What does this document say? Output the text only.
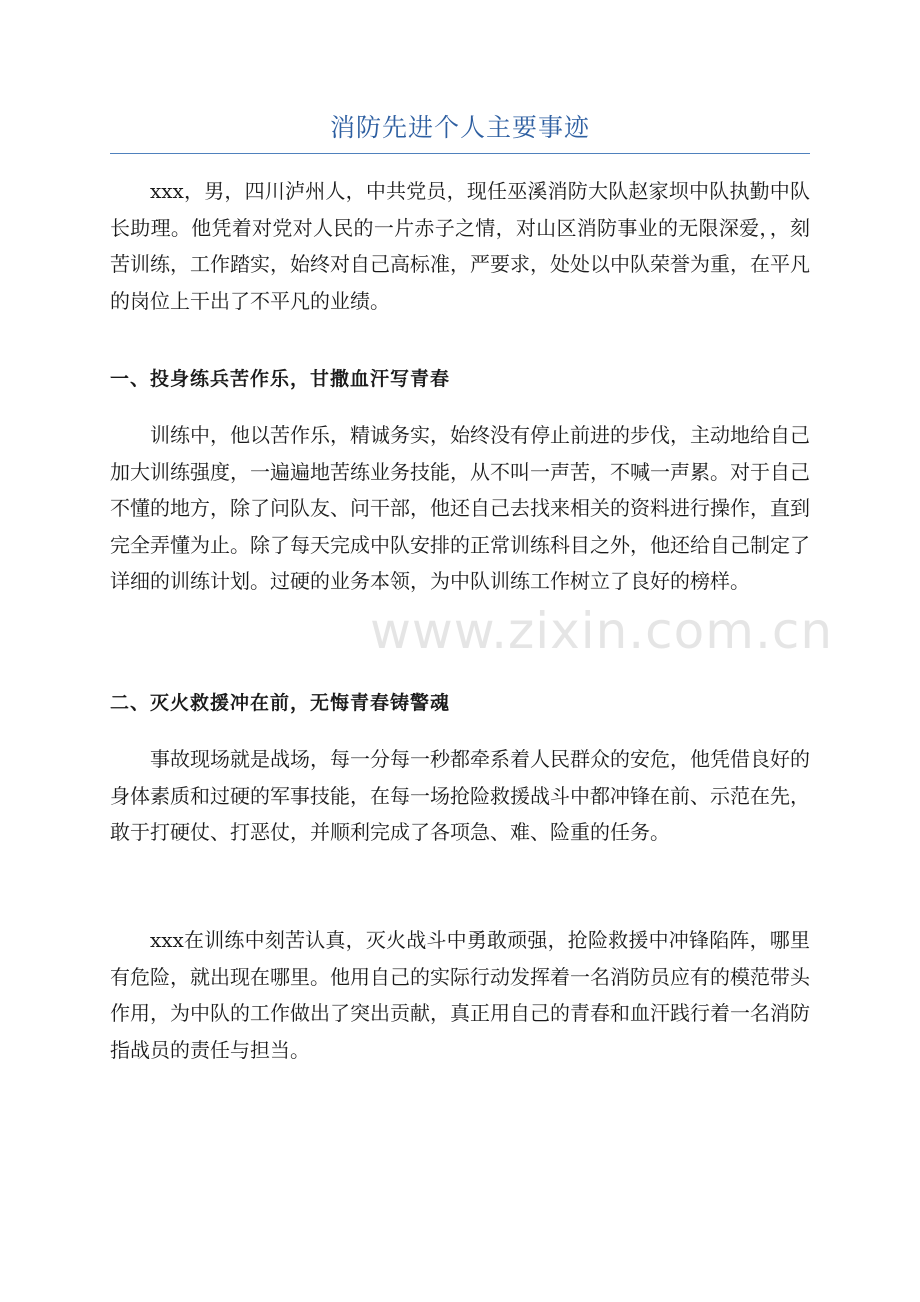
消防先进个人主要事迹

xxx，男，四川泸州人，中共党员，现任巫溪消防大队赵家坝中队执勤中队长助理。他凭着对党对人民的一片赤子之情，对山区消防事业的无限深爱，，刻苦训练，工作踏实，始终对自己高标准，严要求，处处以中队荣誉为重，在平凡的岗位上干出了不平凡的业绩。

一、投身练兵苦作乐，甘撒血汗写青春

训练中，他以苦作乐，精诚务实，始终没有停止前进的步伐，主动地给自己加大训练强度，一遍遍地苦练业务技能，从不叫一声苦，不喊一声累。对于自己不懂的地方，除了问队友、问干部，他还自己去找来相关的资料进行操作，直到完全弄懂为止。除了每天完成中队安排的正常训练科目之外，他还给自己制定了详细的训练计划。过硬的业务本领，为中队训练工作树立了良好的榜样。

二、灭火救援冲在前，无悔青春铸警魂

事故现场就是战场，每一分每一秒都牵系着人民群众的安危，他凭借良好的身体素质和过硬的军事技能，在每一场抢险救援战斗中都冲锋在前、示范在先，敢于打硬仗、打恶仗，并顺利完成了各项急、难、险重的任务。

xxx在训练中刻苦认真，灭火战斗中勇敢顽强，抢险救援中冲锋陷阵，哪里有危险，就出现在哪里。他用自己的实际行动发挥着一名消防员应有的模范带头作用，为中队的工作做出了突出贡献，真正用自己的青春和血汗践行着一名消防指战员的责任与担当。

www.zixin.com.cn
